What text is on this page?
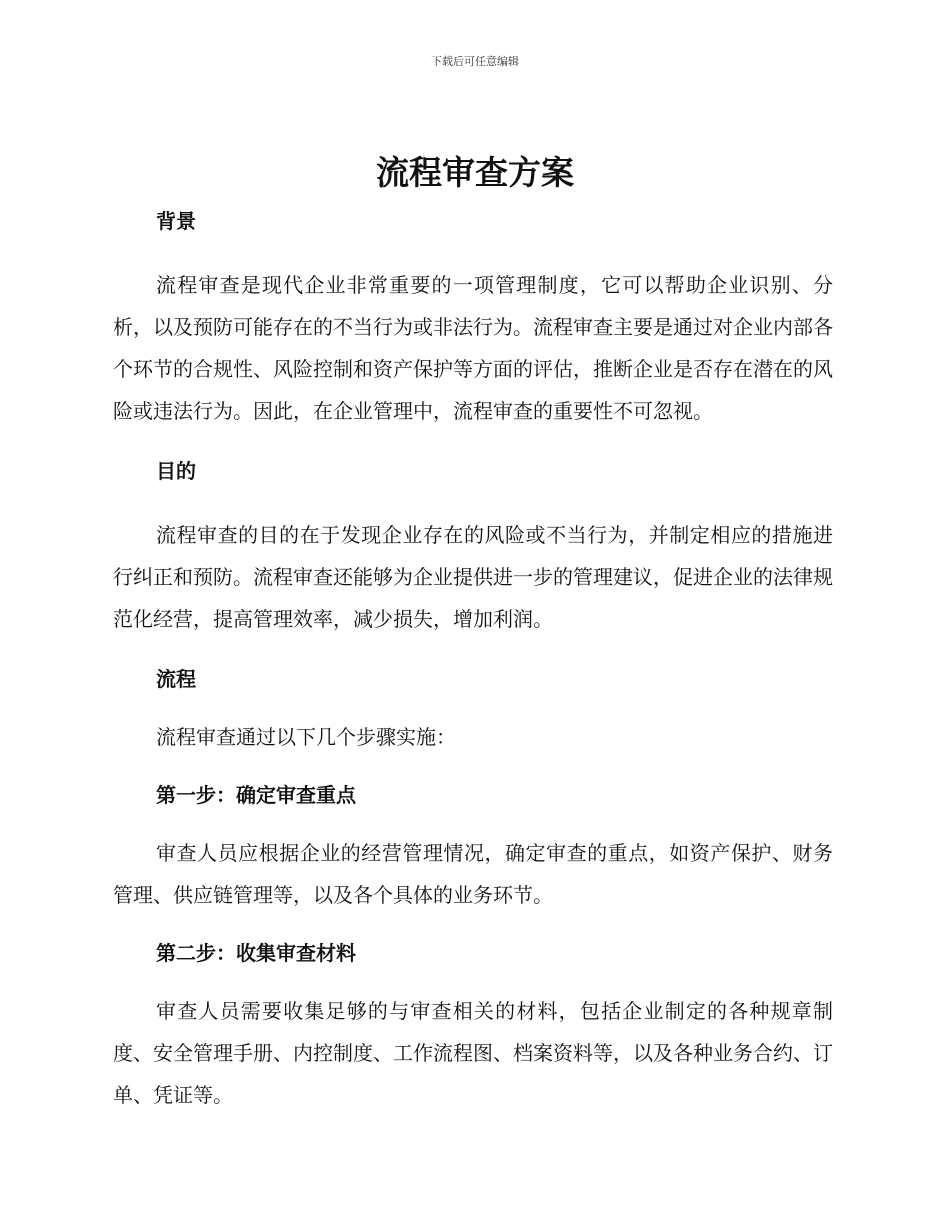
下载后可任意编辑
流程审查方案
背景

流程审查是现代企业非常重要的一项管理制度，它可以帮助企业识别、分析，以及预防可能存在的不当行为或非法行为。流程审查主要是通过对企业内部各个环节的合规性、风险控制和资产保护等方面的评估，推断企业是否存在潜在的风险或违法行为。因此，在企业管理中，流程审查的重要性不可忽视。

目的

流程审查的目的在于发现企业存在的风险或不当行为，并制定相应的措施进行纠正和预防。流程审查还能够为企业提供进一步的管理建议，促进企业的法律规范化经营，提高管理效率，减少损失，增加利润。

流程

流程审查通过以下几个步骤实施：

第一步：确定审查重点

审查人员应根据企业的经营管理情况，确定审查的重点，如资产保护、财务管理、供应链管理等，以及各个具体的业务环节。

第二步：收集审查材料

审查人员需要收集足够的与审查相关的材料，包括企业制定的各种规章制度、安全管理手册、内控制度、工作流程图、档案资料等，以及各种业务合约、订单、凭证等。
